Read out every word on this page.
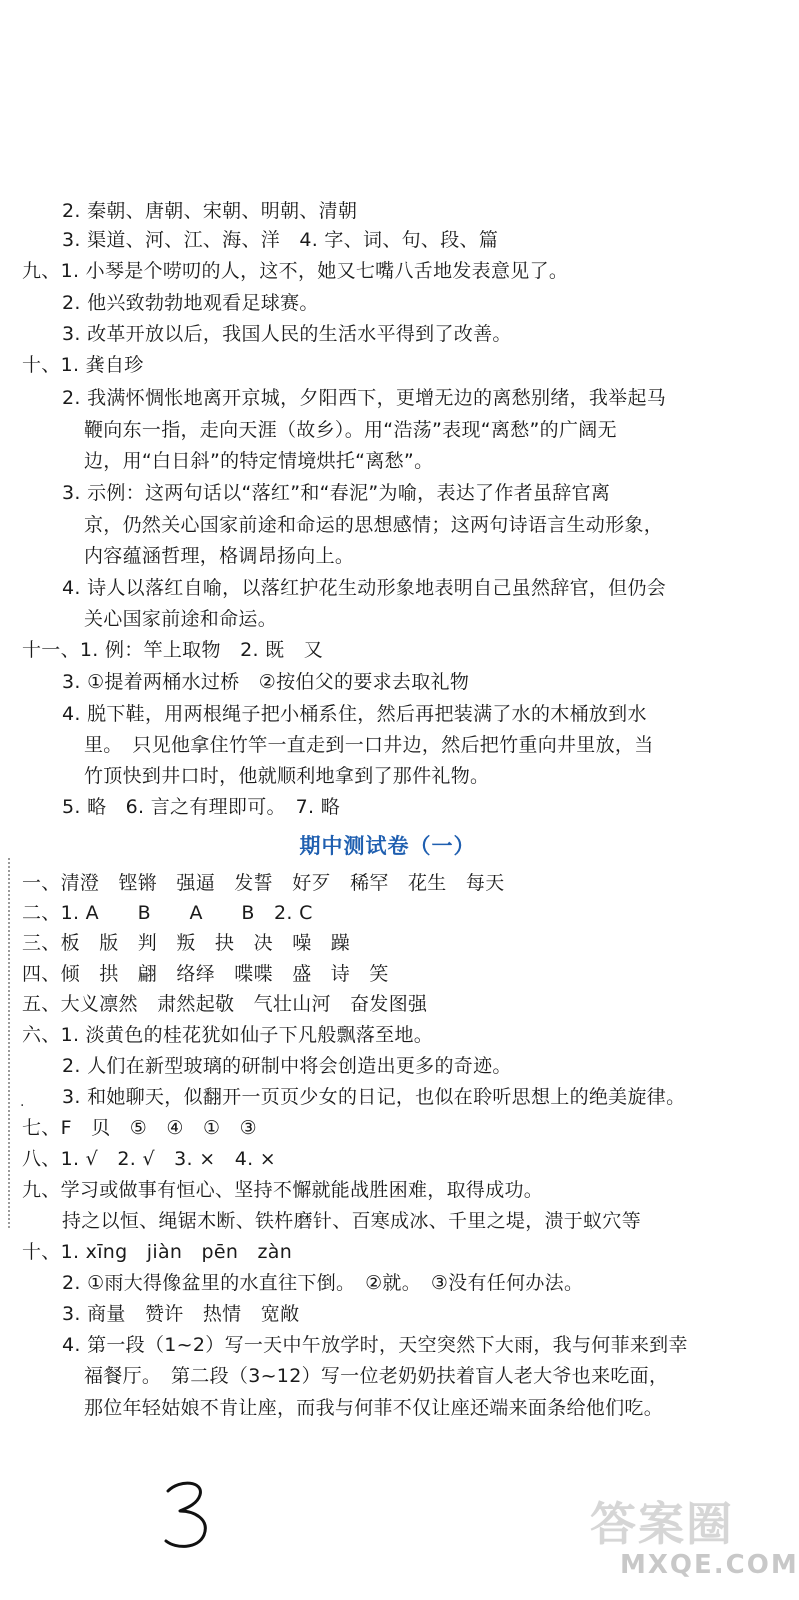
2. 秦朝、唐朝、宋朝、明朝、清朝
3. 渠道、河、江、海、洋　4. 字、词、句、段、篇
九、1. 小琴是个唠叨的人，这不，她又七嘴八舌地发表意见了。
2. 他兴致勃勃地观看足球赛。
3. 改革开放以后，我国人民的生活水平得到了改善。
十、1. 龚自珍
2. 我满怀惆怅地离开京城，夕阳西下，更增无边的离愁别绪，我举起马
鞭向东一指，走向天涯（故乡）。用“浩荡”表现“离愁”的广阔无
边，用“白日斜”的特定情境烘托“离愁”。
3. 示例：这两句话以“落红”和“春泥”为喻，表达了作者虽辞官离
京，仍然关心国家前途和命运的思想感情；这两句诗语言生动形象，
内容蕴涵哲理，格调昂扬向上。
4. 诗人以落红自喻，以落红护花生动形象地表明自己虽然辞官，但仍会
关心国家前途和命运。
十一、1. 例：竿上取物　2. 既　又
3. ①提着两桶水过桥　②按伯父的要求去取礼物
4. 脱下鞋，用两根绳子把小桶系住，然后再把装满了水的木桶放到水
里。　只见他拿住竹竿一直走到一口井边，然后把竹重向井里放，当
竹顶快到井口时，他就顺利地拿到了那件礼物。
5. 略　6. 言之有理即可。　7. 略
期中测试卷（一）
·
一、清澄　铿锵　强逼　发誓　好歹　稀罕　花生　每天
二、1. A　　B　　A　　B　2. C
三、板　版　判　叛　抉　决　噪　躁
四、倾　拱　翩　络绎　喋喋　盛　诗　笑
五、大义凛然　肃然起敬　气壮山河　奋发图强
六、1. 淡黄色的桂花犹如仙子下凡般飘落至地。
2. 人们在新型玻璃的研制中将会创造出更多的奇迹。
3. 和她聊天，似翻开一页页少女的日记，也似在聆听思想上的绝美旋律。
七、F　贝　⑤　④　①　③
八、1. √　2. √　3. ×　4. ×
九、学习或做事有恒心、坚持不懈就能战胜困难，取得成功。
持之以恒、绳锯木断、铁杵磨针、百寒成冰、千里之堤，溃于蚁穴等
十、1. xīng　jiàn　pēn　zàn
2. ①雨大得像盆里的水直往下倒。　②就。　③没有任何办法。
3. 商量　赞许　热情　宽敞
4. 第一段（1~2）写一天中午放学时，天空突然下大雨，我与何菲来到幸
福餐厅。　第二段（3~12）写一位老奶奶扶着盲人老大爷也来吃面，
那位年轻姑娘不肯让座，而我与何菲不仅让座还端来面条给他们吃。
答案圈
MXQE.COM
